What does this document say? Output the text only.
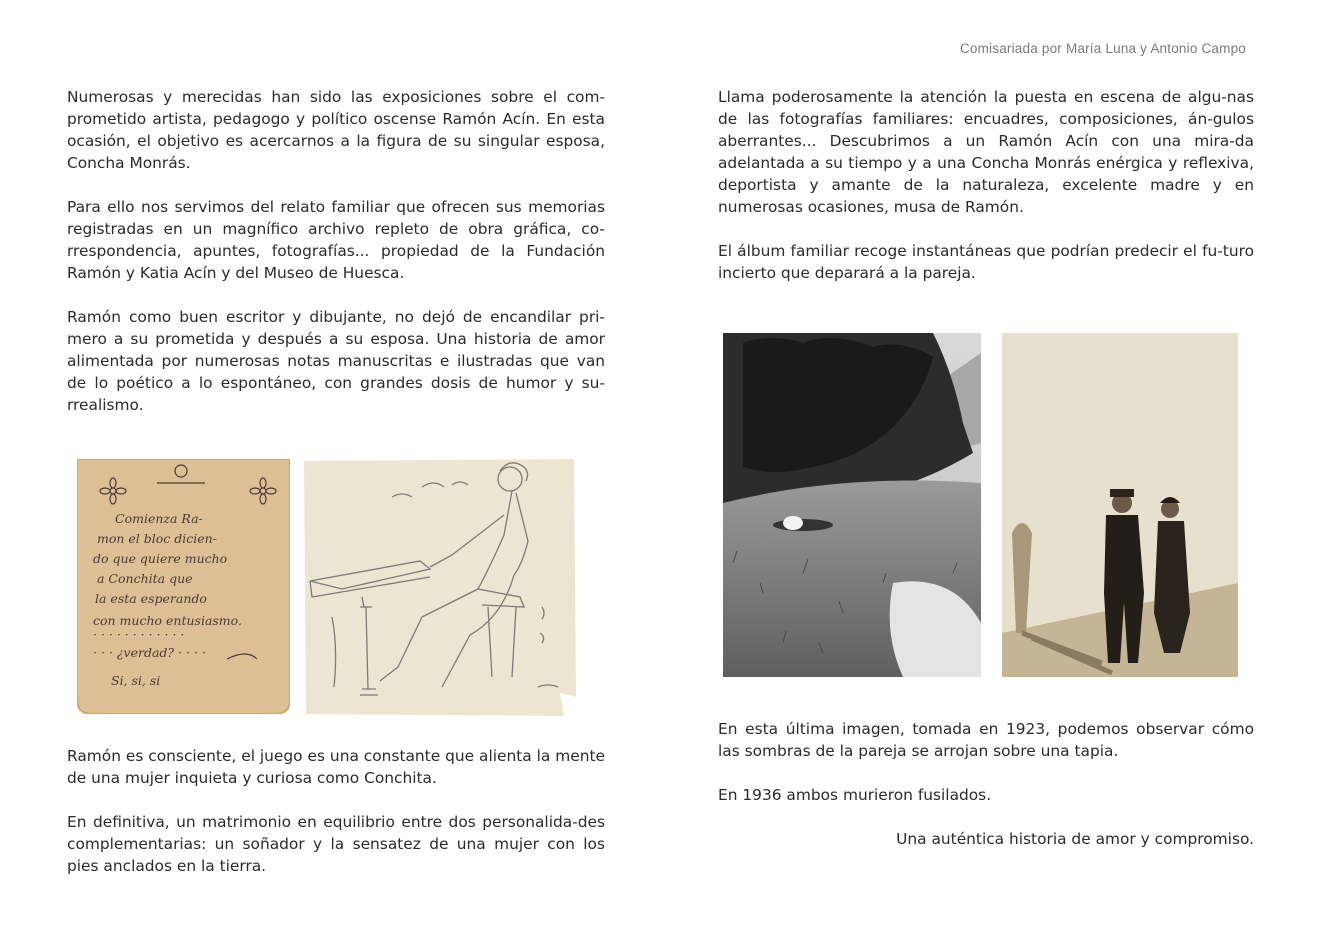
Comisariada por María Luna y Antonio Campo

Numerosas y merecidas han sido las exposiciones sobre el com-prometido artista, pedagogo y político oscense Ramón Acín. En esta ocasión, el objetivo es acercarnos a la figura de su singular esposa, Concha Monrás.

Para ello nos servimos del relato familiar que ofrecen sus memorias registradas en un magnífico archivo repleto de obra gráfica, co-rrespondencia, apuntes, fotografías... propiedad de la Fundación Ramón y Katia Acín y del Museo de Huesca.

Ramón como buen escritor y dibujante, no dejó de encandilar pri-mero a su prometida y después a su esposa. Una historia de amor alimentada por numerosas notas manuscritas e ilustradas que van de lo poético a lo espontáneo, con grandes dosis de humor y su-rrealismo.

Comienza Ra-
mon el bloc dicien-
do que quiere mucho
a Conchita que
la esta esperando
con mucho entusiasmo.
· · · · · · · · · · · ·
· · · ¿verdad? · · · ·
Si, si, si

Ramón es consciente, el juego es una constante que alienta la mente de una mujer inquieta y curiosa como Conchita.

En definitiva, un matrimonio en equilibrio entre dos personalida-des complementarias: un soñador y la sensatez de una mujer con los pies anclados en la tierra.

Llama poderosamente la atención la puesta en escena de algu-nas de las fotografías familiares: encuadres, composiciones, án-gulos aberrantes... Descubrimos a un Ramón Acín con una mira-da adelantada a su tiempo y a una Concha Monrás enérgica y reflexiva, deportista y amante de la naturaleza, excelente madre y en numerosas ocasiones, musa de Ramón.

El álbum familiar recoge instantáneas que podrían predecir el fu-turo incierto que deparará a la pareja.

En esta última imagen, tomada en 1923, podemos observar cómo las sombras de la pareja se arrojan sobre una tapia.

En 1936 ambos murieron fusilados.

Una auténtica historia de amor y compromiso.
